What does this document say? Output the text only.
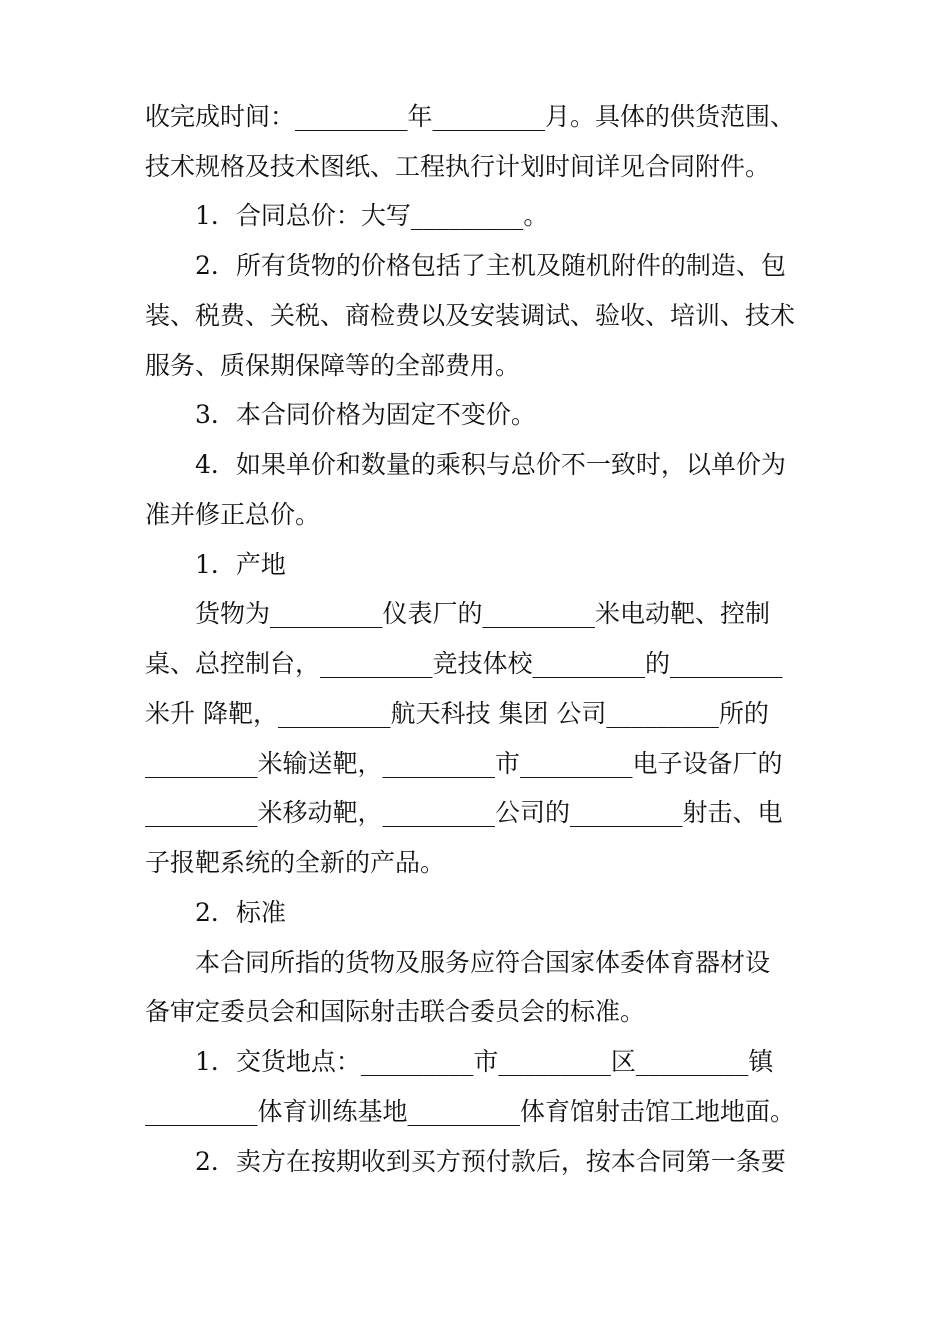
收完成时间：_________年_________月。具体的供货范围、
技术规格及技术图纸、工程执行计划时间详见合同附件。
1．合同总价：大写_________。
2．所有货物的价格包括了主机及随机附件的制造、包
装、税费、关税、商检费以及安装调试、验收、培训、技术
服务、质保期保障等的全部费用。
3．本合同价格为固定不变价。
4．如果单价和数量的乘积与总价不一致时，以单价为
准并修正总价。
1．产地
货物为_________仪表厂的_________米电动靶、控制
桌、总控制台，_________竞技体校_________的_________
米升 降靶，_________航天科技 集团 公司_________所的
_________米输送靶，_________市_________电子设备厂的
_________米移动靶，_________公司的_________射击、电
子报靶系统的全新的产品。
2．标准
本合同所指的货物及服务应符合国家体委体育器材设
备审定委员会和国际射击联合委员会的标准。
1．交货地点：_________市_________区_________镇
_________体育训练基地_________体育馆射击馆工地地面。
2．卖方在按期收到买方预付款后，按本合同第一条要
